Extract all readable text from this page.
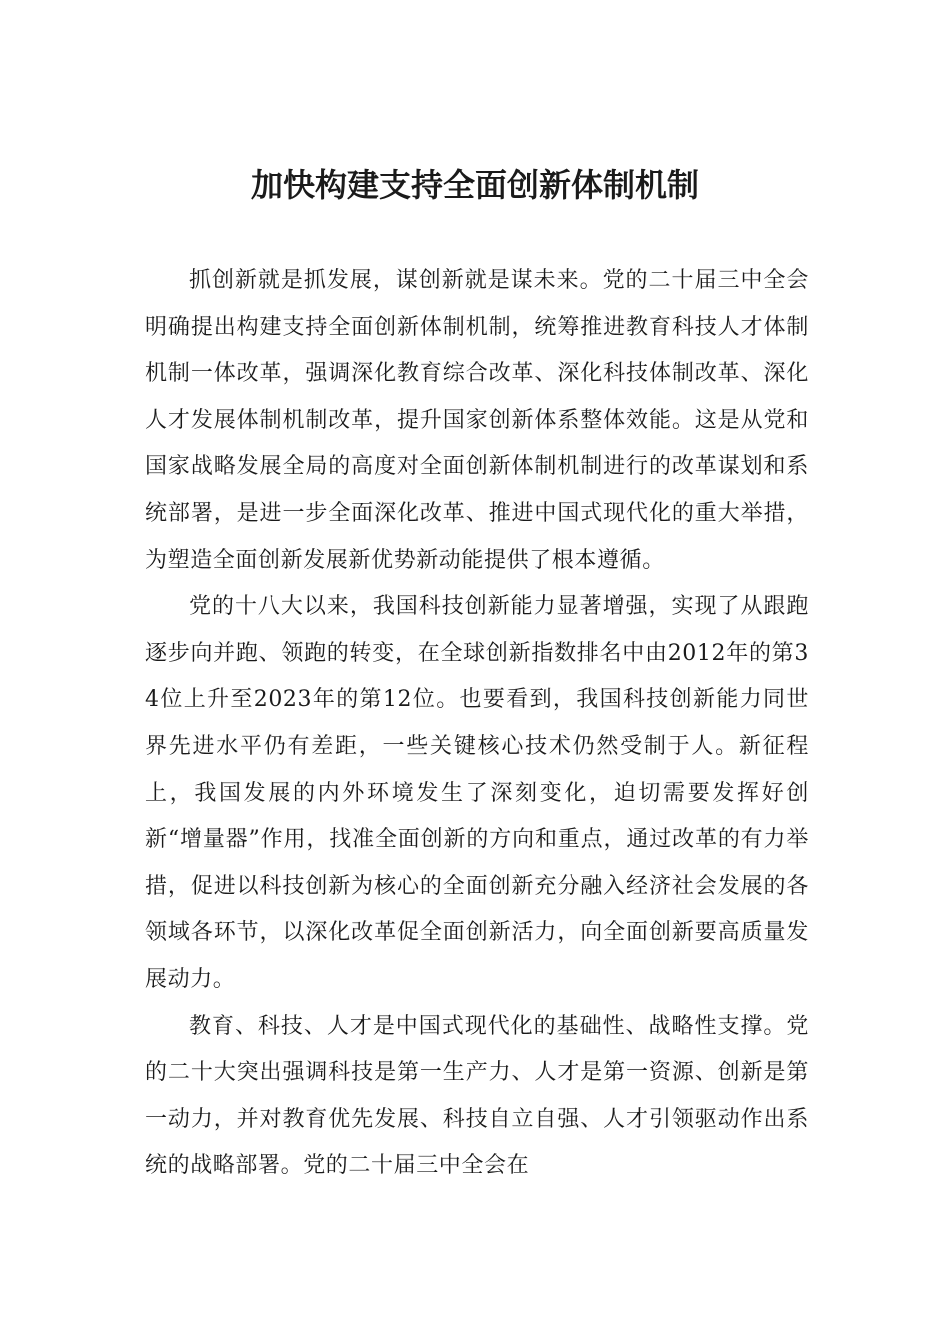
加快构建支持全面创新体制机制

抓创新就是抓发展，谋创新就是谋未来。党的二十届三中全会明确提出构建支持全面创新体制机制，统筹推进教育科技人才体制机制一体改革，强调深化教育综合改革、深化科技体制改革、深化人才发展体制机制改革，提升国家创新体系整体效能。这是从党和国家战略发展全局的高度对全面创新体制机制进行的改革谋划和系统部署，是进一步全面深化改革、推进中国式现代化的重大举措，为塑造全面创新发展新优势新动能提供了根本遵循。

党的十八大以来，我国科技创新能力显著增强，实现了从跟跑逐步向并跑、领跑的转变，在全球创新指数排名中由2012年的第34位上升至2023年的第12位。也要看到，我国科技创新能力同世界先进水平仍有差距，一些关键核心技术仍然受制于人。新征程上，我国发展的内外环境发生了深刻变化，迫切需要发挥好创新“增量器”作用，找准全面创新的方向和重点，通过改革的有力举措，促进以科技创新为核心的全面创新充分融入经济社会发展的各领域各环节，以深化改革促全面创新活力，向全面创新要高质量发展动力。

教育、科技、人才是中国式现代化的基础性、战略性支撑。党的二十大突出强调科技是第一生产力、人才是第一资源、创新是第一动力，并对教育优先发展、科技自立自强、人才引领驱动作出系统的战略部署。党的二十届三中全会在
